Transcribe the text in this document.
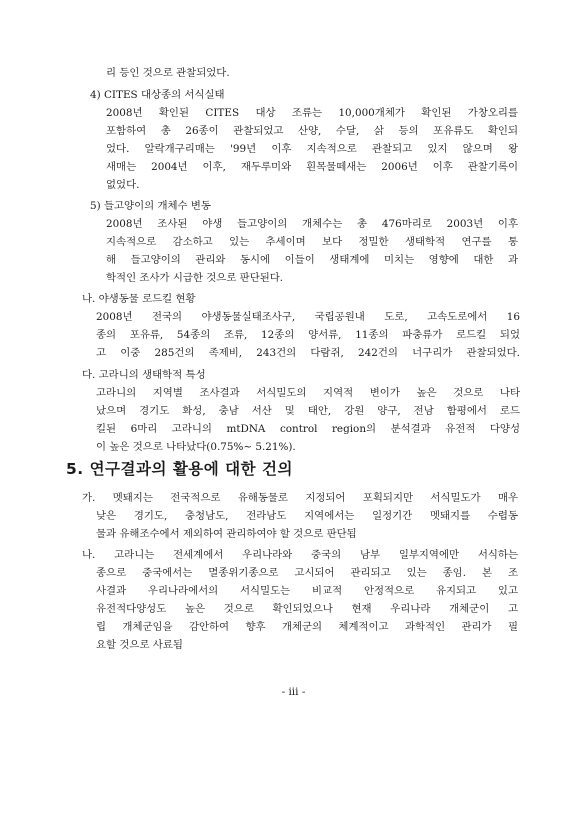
리 등인 것으로 관찰되었다.
4) CITES 대상종의 서식실태
2008년 확인된 CITES 대상 조류는 10,000개체가 확인된 가창오리를
포함하여 총 26종이 관찰되었고 산양, 수달, 삵 등의 포유류도 확인되
었다. 알락개구리매는 '99년 이후 지속적으로 관찰되고 있지 않으며 왕
새매는 2004년 이후, 재두루미와 흰목물떼새는 2006년 이후 관찰기록이
없었다.
5) 들고양이의 개체수 변동
2008년 조사된 야생 들고양이의 개체수는 총 476마리로 2003년 이후
지속적으로 감소하고 있는 추세이며 보다 정밀한 생태학적 연구를 통
해 들고양이의 관리와 동시에 이들이 생태계에 미치는 영향에 대한 과
학적인 조사가 시급한 것으로 판단된다.
나. 야생동물 로드킬 현황
2008년 전국의 야생동물실태조사구, 국립공원내 도로, 고속도로에서 16
종의 포유류, 54종의 조류, 12종의 양서류, 11종의 파충류가 로드킬 되었
고 이중 285건의 족제비, 243건의 다람쥐, 242건의 너구리가 관찰되었다.
다. 고라니의 생태학적 특성
고라니의 지역별 조사결과 서식밀도의 지역적 변이가 높은 것으로 나타
났으며 경기도 화성, 충남 서산 및 태안, 강원 양구, 전남 함평에서 로드
킬된 6마리 고라니의 mtDNA control region의 분석결과 유전적 다양성
이 높은 것으로 나타났다(0.75%~ 5.21%).
5. 연구결과의 활용에 대한 건의
가. 멧돼지는 전국적으로 유해동물로 지정되어 포획되지만 서식밀도가 매우
낮은 경기도, 충청남도, 전라남도 지역에서는 일정기간 멧돼지를 수렵동
물과 유해조수에서 제외하여 관리하여야 할 것으로 판단됨
나. 고라니는 전세계에서 우리나라와 중국의 남부 일부지역에만 서식하는
종으로 중국에서는 멸종위기종으로 고시되어 관리되고 있는 종임. 본 조
사결과 우리나라에서의 서식밀도는 비교적 안정적으로 유지되고 있고
유전적다양성도 높은 것으로 확인되었으나 현재 우리나라 개체군이 고
립 개체군임을 감안하여 향후 개체군의 체계적이고 과학적인 관리가 필
요할 것으로 사료됨
- iii -
